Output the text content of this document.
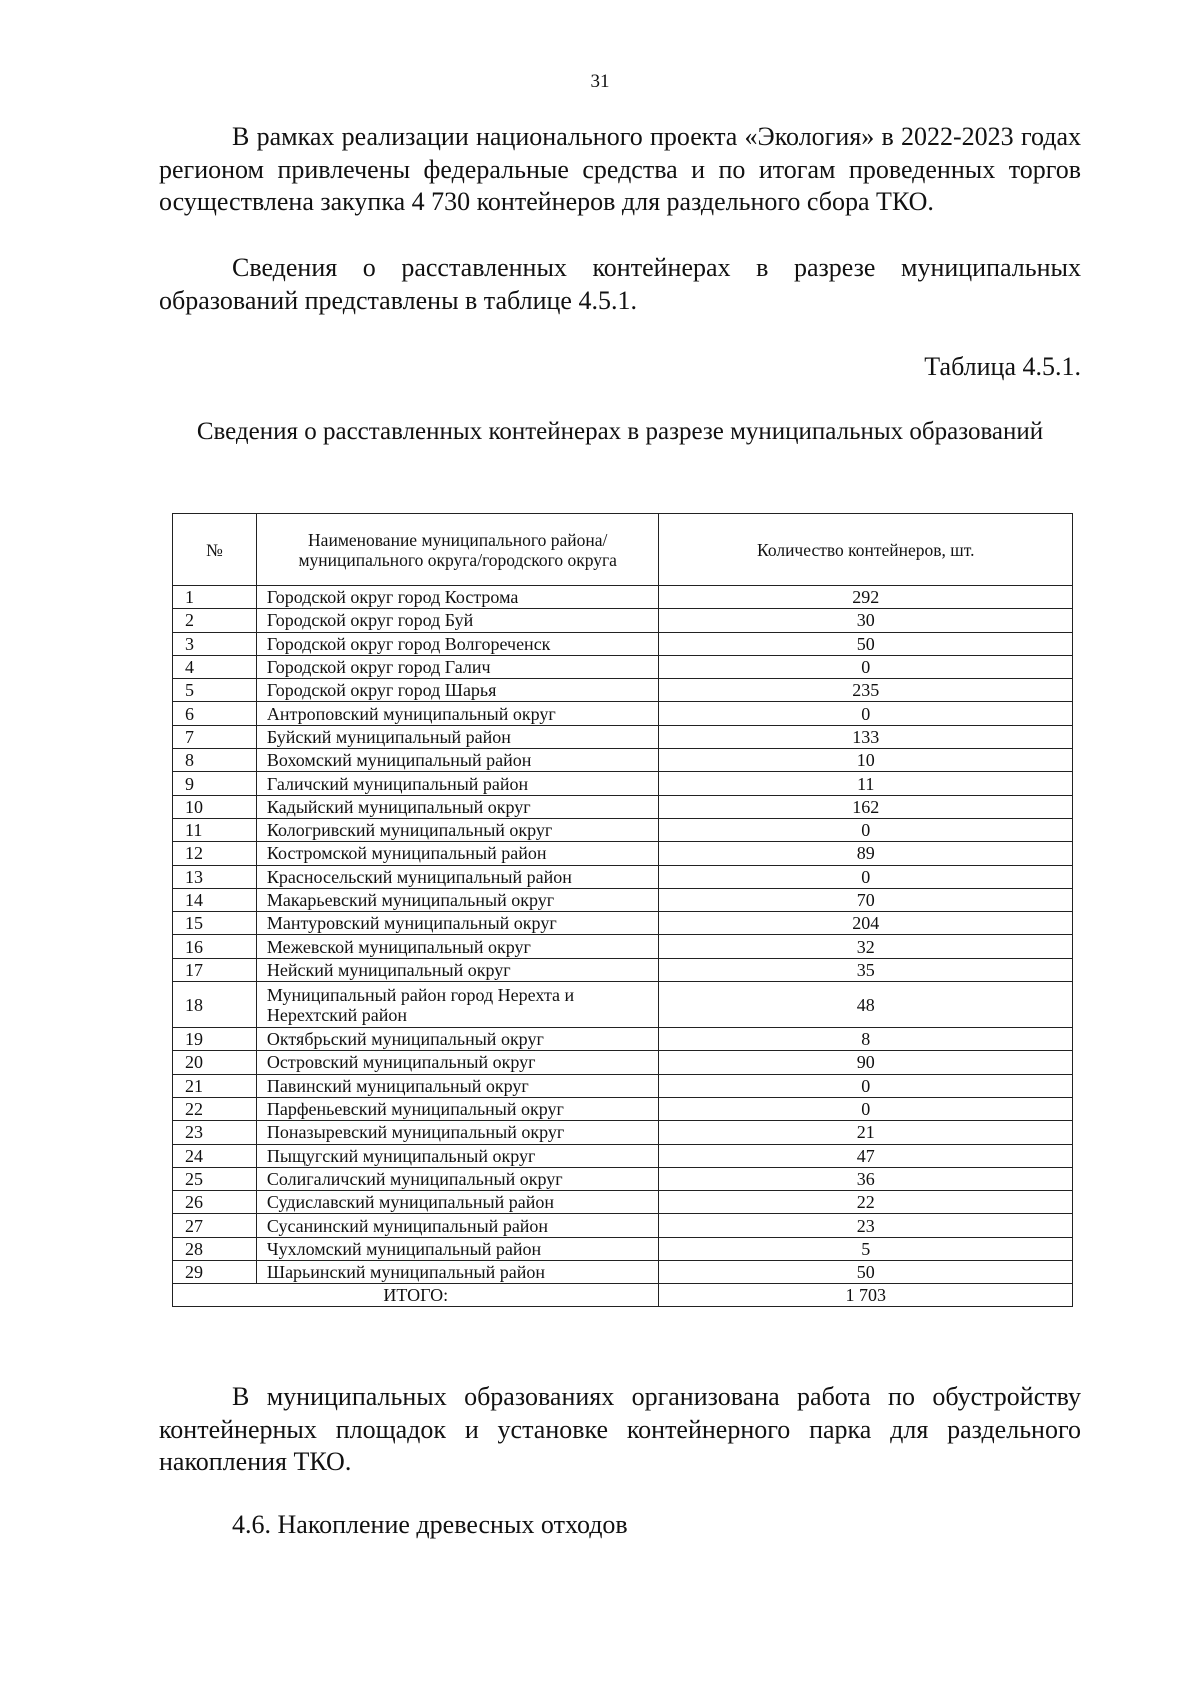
31

В рамках реализации национального проекта «Экология» в 2022-2023 годах регионом привлечены федеральные средства и по итогам проведенных торгов осуществлена закупка 4 730 контейнеров для раздельного сбора ТКО.

Сведения о расставленных контейнерах в разрезе муниципальных образований представлены в таблице 4.5.1.

Таблица 4.5.1.

Сведения о расставленных контейнерах в разрезе муниципальных образований

№	Наименование муниципального района/муниципального округа/городского округа	Количество контейнеров, шт.
1	Городской округ город Кострома	292
2	Городской округ город Буй	30
3	Городской округ город Волгореченск	50
4	Городской округ город Галич	0
5	Городской округ город Шарья	235
6	Антроповский муниципальный округ	0
7	Буйский муниципальный район	133
8	Вохомский муниципальный район	10
9	Галичский муниципальный район	11
10	Кадыйский муниципальный округ	162
11	Кологривский муниципальный округ	0
12	Костромской муниципальный район	89
13	Красносельский муниципальный район	0
14	Макарьевский муниципальный округ	70
15	Мантуровский муниципальный округ	204
16	Межевской муниципальный округ	32
17	Нейский муниципальный округ	35
18	Муниципальный район город Нерехта и Нерехтский район	48
19	Октябрьский муниципальный округ	8
20	Островский муниципальный округ	90
21	Павинский муниципальный округ	0
22	Парфеньевский муниципальный округ	0
23	Поназыревский муниципальный округ	21
24	Пыщугский муниципальный округ	47
25	Солигаличский муниципальный округ	36
26	Судиславский муниципальный район	22
27	Сусанинский муниципальный район	23
28	Чухломский муниципальный район	5
29	Шарьинский муниципальный район	50
ИТОГО:		1 703

В муниципальных образованиях организована работа по обустройству контейнерных площадок и установке контейнерного парка для раздельного накопления ТКО.

4.6. Накопление древесных отходов
